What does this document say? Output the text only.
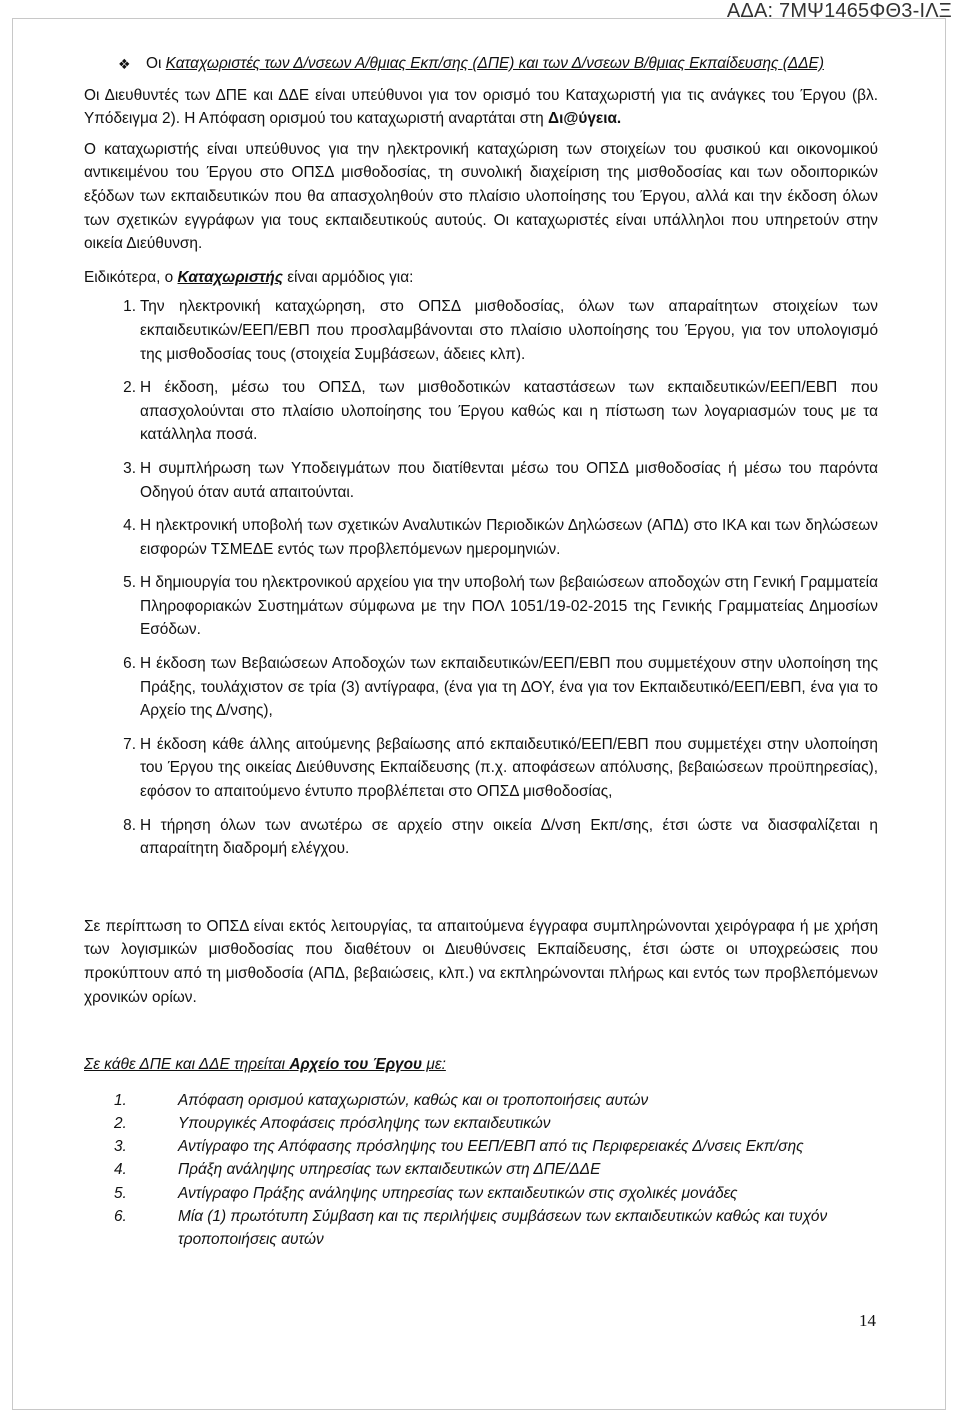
ΑΔΑ: 7ΜΨ1465ΦΘ3-ΙΛΞ
❖	Οι Καταχωριστές των Δ/νσεων Α/θμιας Εκπ/σης (ΔΠΕ) και των Δ/νσεων Β/θμιας Εκπαίδευσης (ΔΔΕ)

Οι Διευθυντές των ΔΠΕ και ΔΔΕ είναι υπεύθυνοι για τον ορισμό του Καταχωριστή για τις ανάγκες του Έργου (βλ. Υπόδειγμα 2). Η Απόφαση ορισμού του καταχωριστή αναρτάται στη Δι@ύγεια.

Ο καταχωριστής είναι υπεύθυνος για την ηλεκτρονική καταχώριση των στοιχείων του φυσικού και οικονομικού αντικειμένου του Έργου στο ΟΠΣΔ μισθοδοσίας, τη συνολική διαχείριση της μισθοδοσίας και των οδοιπορικών εξόδων των εκπαιδευτικών που θα απασχοληθούν στο πλαίσιο υλοποίησης του Έργου, αλλά και την έκδοση όλων των σχετικών εγγράφων για τους εκπαιδευτικούς αυτούς. Οι καταχωριστές είναι υπάλληλοι που υπηρετούν στην οικεία Διεύθυνση.

Ειδικότερα, ο Καταχωριστής είναι αρμόδιος για:

1. Την ηλεκτρονική καταχώρηση, στο ΟΠΣΔ μισθοδοσίας, όλων των απαραίτητων στοιχείων των εκπαιδευτικών/ΕΕΠ/ΕΒΠ που προσλαμβάνονται στο πλαίσιο υλοποίησης του Έργου, για τον υπολογισμό της μισθοδοσίας τους (στοιχεία Συμβάσεων, άδειες κλπ).
2. Η έκδοση, μέσω του ΟΠΣΔ, των μισθοδοτικών καταστάσεων των εκπαιδευτικών/ΕΕΠ/ΕΒΠ που απασχολούνται στο πλαίσιο υλοποίησης του Έργου καθώς και η πίστωση των λογαριασμών τους με τα κατάλληλα ποσά.
3. Η συμπλήρωση των Υποδειγμάτων που διατίθενται μέσω του ΟΠΣΔ μισθοδοσίας ή μέσω του παρόντα Οδηγού όταν αυτά απαιτούνται.
4. Η ηλεκτρονική υποβολή των σχετικών Αναλυτικών Περιοδικών Δηλώσεων (ΑΠΔ) στο ΙΚΑ και των δηλώσεων εισφορών ΤΣΜΕΔΕ εντός των προβλεπόμενων ημερομηνιών.
5. Η δημιουργία του ηλεκτρονικού αρχείου για την υποβολή των βεβαιώσεων αποδοχών στη Γενική Γραμματεία Πληροφοριακών Συστημάτων σύμφωνα με την ΠΟΛ 1051/19-02-2015 της Γενικής Γραμματείας Δημοσίων Εσόδων.
6. Η έκδοση των Βεβαιώσεων Αποδοχών των εκπαιδευτικών/ΕΕΠ/ΕΒΠ που συμμετέχουν στην υλοποίηση της Πράξης, τουλάχιστον σε τρία (3) αντίγραφα, (ένα για τη ΔΟΥ, ένα για τον Εκπαιδευτικό/ΕΕΠ/ΕΒΠ, ένα για το Αρχείο της Δ/νσης),
7. Η έκδοση κάθε άλλης αιτούμενης βεβαίωσης από εκπαιδευτικό/ΕΕΠ/ΕΒΠ που συμμετέχει στην υλοποίηση του Έργου της οικείας Διεύθυνσης Εκπαίδευσης (π.χ. αποφάσεων απόλυσης, βεβαιώσεων προϋπηρεσίας), εφόσον το απαιτούμενο έντυπο προβλέπεται στο ΟΠΣΔ μισθοδοσίας,
8. Η τήρηση όλων των ανωτέρω σε αρχείο στην οικεία Δ/νση Εκπ/σης, έτσι ώστε να διασφαλίζεται η απαραίτητη διαδρομή ελέγχου.

Σε περίπτωση το ΟΠΣΔ είναι εκτός λειτουργίας, τα απαιτούμενα έγγραφα συμπληρώνονται χειρόγραφα ή με χρήση των λογισμικών μισθοδοσίας που διαθέτουν οι Διευθύνσεις Εκπαίδευσης, έτσι ώστε οι υποχρεώσεις που προκύπτουν από τη μισθοδοσία (ΑΠΔ, βεβαιώσεις, κλπ.) να εκπληρώνονται πλήρως και εντός των προβλεπόμενων χρονικών ορίων.

Σε κάθε ΔΠΕ και ΔΔΕ τηρείται Αρχείο του Έργου με:

1.	Απόφαση ορισμού καταχωριστών, καθώς και οι τροποποιήσεις αυτών
2.	Υπουργικές Αποφάσεις πρόσληψης των εκπαιδευτικών
3.	Αντίγραφο της Απόφασης πρόσληψης του ΕΕΠ/ΕΒΠ από τις Περιφερειακές Δ/νσεις Εκπ/σης
4.	Πράξη ανάληψης υπηρεσίας των εκπαιδευτικών στη ΔΠΕ/ΔΔΕ
5.	Αντίγραφο Πράξης ανάληψης υπηρεσίας των εκπαιδευτικών στις σχολικές μονάδες
6.	Μία (1) πρωτότυπη Σύμβαση και τις περιλήψεις συμβάσεων των εκπαιδευτικών καθώς και τυχόν τροποποιήσεις αυτών
14
